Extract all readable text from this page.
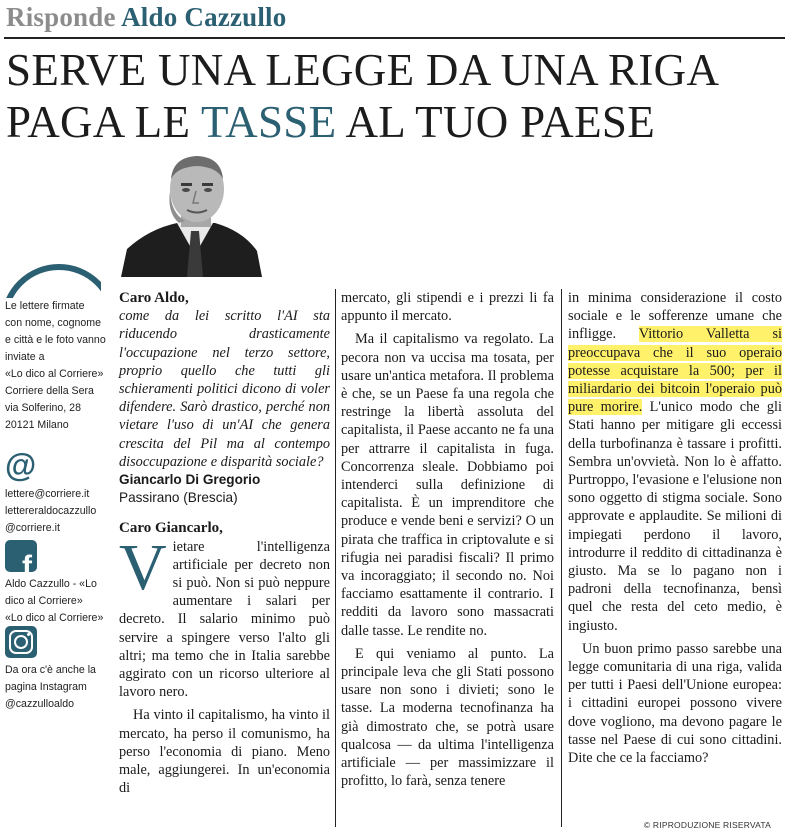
Risponde Aldo Cazzullo
SERVE UNA LEGGE DA UNA RIGA
PAGA LE TASSE AL TUO PAESE
Le lettere firmate
con nome, cognome
e città e le foto vanno
inviate a
«Lo dico al Corriere»
Corriere della Sera
via Solferino, 28
20121 Milano
@
lettere@corriere.it
lettereraldocazzullo
@corriere.it
f
Aldo Cazzullo - «Lo
dico al Corriere»
«Lo dico al Corriere»
Da ora c'è anche la
pagina Instagram
@cazzulloaldo

Caro Aldo,

come da lei scritto l'AI sta riducendo drasticamente l'occupazione nel terzo settore, proprio quello che tutti gli schieramenti politici dicono di voler difendere. Sarò drastico, perché non vietare l'uso di un'AI che genera crescita del Pil ma al contempo disoccupazione e disparità sociale?

Giancarlo Di Gregorio

Passirano (Brescia)

Caro Giancarlo,

Vietare l'intelligenza artificiale per decreto non si può. Non si può neppure aumentare i salari per decreto. Il salario minimo può servire a spingere verso l'alto gli altri; ma temo che in Italia sarebbe aggirato con un ricorso ulteriore al lavoro nero.

Ha vinto il capitalismo, ha vinto il mercato, ha perso il comunismo, ha perso l'economia di piano. Meno male, aggiungerei. In un'economia di

mercato, gli stipendi e i prezzi li fa appunto il mercato.

Ma il capitalismo va regolato. La pecora non va uccisa ma tosata, per usare un'antica metafora. Il problema è che, se un Paese fa una regola che restringe la libertà assoluta del capitalista, il Paese accanto ne fa una per attrarre il capitalista in fuga. Concorrenza sleale. Dobbiamo poi intenderci sulla definizione di capitalista. È un imprenditore che produce e vende beni e servizi? O un pirata che traffica in criptovalute e si rifugia nei paradisi fiscali? Il primo va incoraggiato; il secondo no. Noi facciamo esattamente il contrario. I redditi da lavoro sono massacrati dalle tasse. Le rendite no.

E qui veniamo al punto. La principale leva che gli Stati possono usare non sono i divieti; sono le tasse. La moderna tecnofinanza ha già dimostrato che, se potrà usare qualcosa — da ultima l'intelligenza artificiale — per massimizzare il profitto, lo farà, senza tenere

in minima considerazione il costo sociale e le sofferenze umane che infligge. Vittorio Valletta si preoccupava che il suo operaio potesse acquistare la 500; per il miliardario dei bitcoin l'operaio può pure morire. L'unico modo che gli Stati hanno per mitigare gli eccessi della turbofinanza è tassare i profitti. Sembra un'ovvietà. Non lo è affatto. Purtroppo, l'evasione e l'elusione non sono oggetto di stigma sociale. Sono approvate e applaudite. Se milioni di impiegati perdono il lavoro, introdurre il reddito di cittadinanza è giusto. Ma se lo pagano non i padroni della tecnofinanza, bensì quel che resta del ceto medio, è ingiusto.

Un buon primo passo sarebbe una legge comunitaria di una riga, valida per tutti i Paesi dell'Unione europea: i cittadini europei possono vivere dove vogliono, ma devono pagare le tasse nel Paese di cui sono cittadini. Dite che ce la facciamo?

© RIPRODUZIONE RISERVATA
